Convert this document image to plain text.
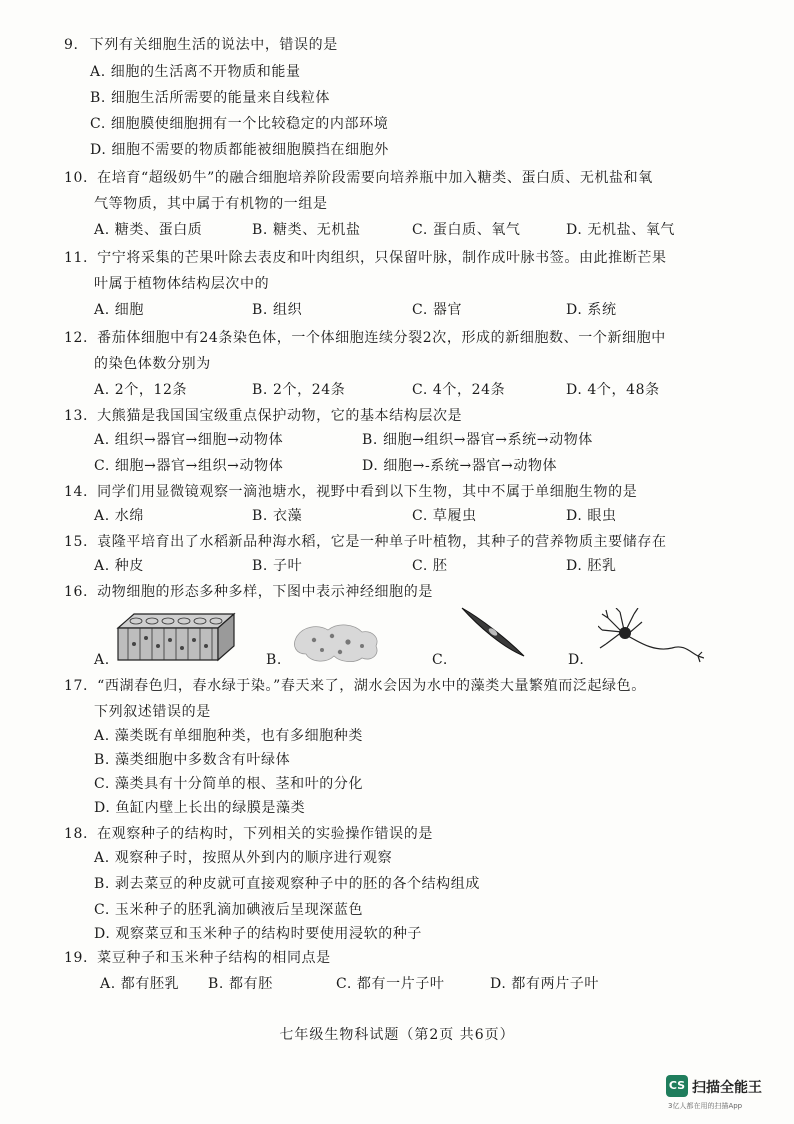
9. 下列有关细胞生活的说法中，错误的是
A. 细胞的生活离不开物质和能量
B. 细胞生活所需要的能量来自线粒体
C. 细胞膜使细胞拥有一个比较稳定的内部环境
D. 细胞不需要的物质都能被细胞膜挡在细胞外
10. 在培育“超级奶牛”的融合细胞培养阶段需要向培养瓶中加入糖类、蛋白质、无机盐和氧
气等物质，其中属于有机物的一组是
A. 糖类、蛋白质	B. 糖类、无机盐	C. 蛋白质、氧气	D. 无机盐、氧气
11. 宁宁将采集的芒果叶除去表皮和叶肉组织，只保留叶脉，制作成叶脉书签。由此推断芒果
叶属于植物体结构层次中的
A. 细胞	B. 组织	C. 器官	D. 系统
12. 番茄体细胞中有24条染色体，一个体细胞连续分裂2次，形成的新细胞数、一个新细胞中
的染色体数分别为
A. 2个，12条	B. 2个，24条	C. 4个，24条	D. 4个，48条
13. 大熊猫是我国国宝级重点保护动物，它的基本结构层次是
A. 组织→器官→细胞→动物体	B. 细胞→组织→器官→系统→动物体
C. 细胞→器官→组织→动物体	D. 细胞→-系统→器官→动物体
14. 同学们用显微镜观察一滴池塘水，视野中看到以下生物，其中不属于单细胞生物的是
A. 水绵	B. 衣藻	C. 草履虫	D. 眼虫
15. 袁隆平培育出了水稻新品种海水稻，它是一种单子叶植物，其种子的营养物质主要储存在
A. 种皮	B. 子叶	C. 胚	D. 胚乳
16. 动物细胞的形态多种多样，下图中表示神经细胞的是
A.	B.	C.	D.
17. “西湖春色归，春水绿于染。”春天来了，湖水会因为水中的藻类大量繁殖而泛起绿色。
下列叙述错误的是
A. 藻类既有单细胞种类，也有多细胞种类
B. 藻类细胞中多数含有叶绿体
C. 藻类具有十分简单的根、茎和叶的分化
D. 鱼缸内壁上长出的绿膜是藻类
18. 在观察种子的结构时，下列相关的实验操作错误的是
A. 观察种子时，按照从外到内的顺序进行观察
B. 剥去菜豆的种皮就可直接观察种子中的胚的各个结构组成
C. 玉米种子的胚乳滴加碘液后呈现深蓝色
D. 观察菜豆和玉米种子的结构时要使用浸软的种子
19. 菜豆种子和玉米种子结构的相同点是
A. 都有胚乳 B. 都有胚	C. 都有一片子叶	D. 都有两片子叶
七年级生物科试题（第2页 共6页）
CS 扫描全能王
3亿人都在用的扫描App
